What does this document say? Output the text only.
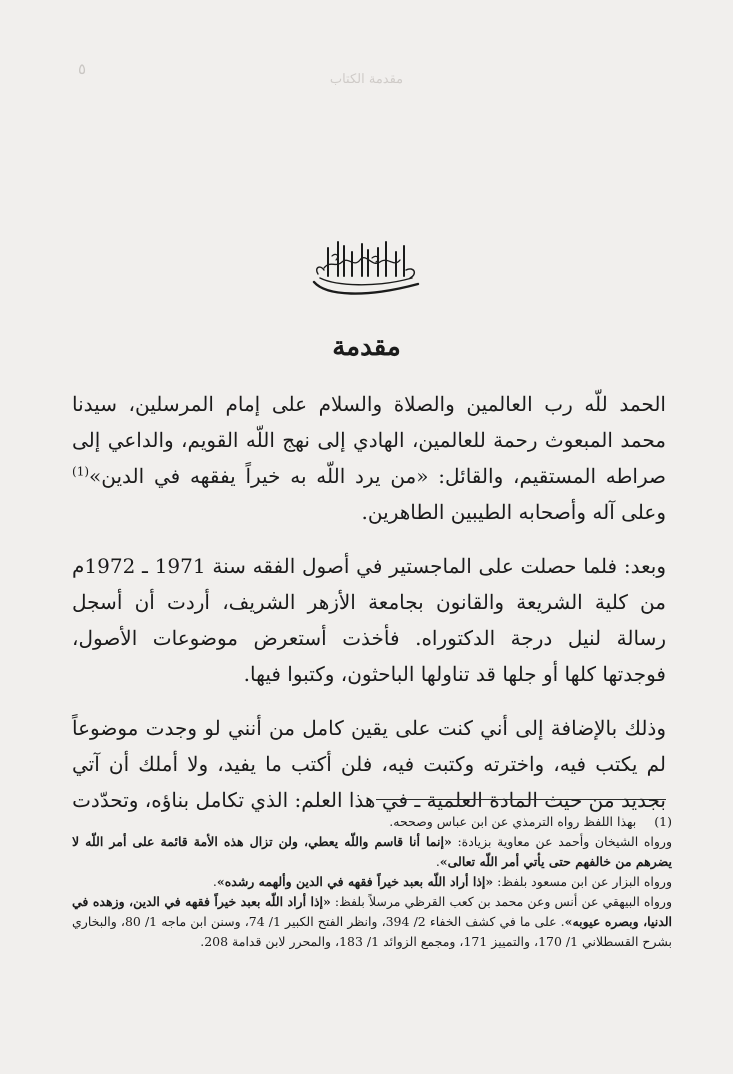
٥
مقدمة الكتاب
مقدمة

الحمد للّه رب العالمين والصلاة والسلام على إمام المرسلين، سيدنا محمد المبعوث رحمة للعالمين، الهادي إلى نهج اللّه القويم، والداعي إلى صراطه المستقيم، والقائل: «من يرد اللّه به خيراً يفقهه في الدين»$^{(1)}$ وعلى آله وأصحابه الطيبين الطاهرين.

وبعد: فلما حصلت على الماجستير في أصول الفقه سنة 1971 ـ 1972م من كلية الشريعة والقانون بجامعة الأزهر الشريف، أردت أن أسجل رسالة لنيل درجة الدكتوراه. فأخذت أستعرض موضوعات الأصول، فوجدتها كلها أو جلها قد تناولها الباحثون، وكتبوا فيها.

وذلك بالإضافة إلى أني كنت على يقين كامل من أنني لو وجدت موضوعاً لم يكتب فيه، واخترته وكتبت فيه، فلن أكتب ما يفيد، ولا أملك أن آتي بجديد من حيث المادة العلمية ـ في هذا العلم: الذي تكامل بناؤه، وتحدّدت

(1)بهذا اللفظ رواه الترمذي عن ابن عباس وصححه.

ورواه الشيخان وأحمد عن معاوية بزيادة: «إنما أنا قاسم واللّه يعطي، ولن تزال هذه الأمة قائمة على أمر اللّه لا يضرهم من خالفهم حتى يأتي أمر اللّه تعالى».

ورواه البزار عن ابن مسعود بلفظ: «إذا أراد اللّه بعبد خيراً فقهه في الدين وألهمه رشده».

ورواه البيهقي عن أنس وعن محمد بن كعب القرظي مرسلاً بلفظ: «إذا أراد اللّه بعبد خيراً فقهه في الدين، وزهده في الدنيا، وبصره عيوبه». على ما في كشف الخفاء 2/ 394، وانظر الفتح الكبير 1/ 74، وسنن ابن ماجه 1/ 80، والبخاري بشرح القسطلاني 1/ 170، والتمييز 171، ومجمع الزوائد 1/ 183، والمحرر لابن قدامة 208.
